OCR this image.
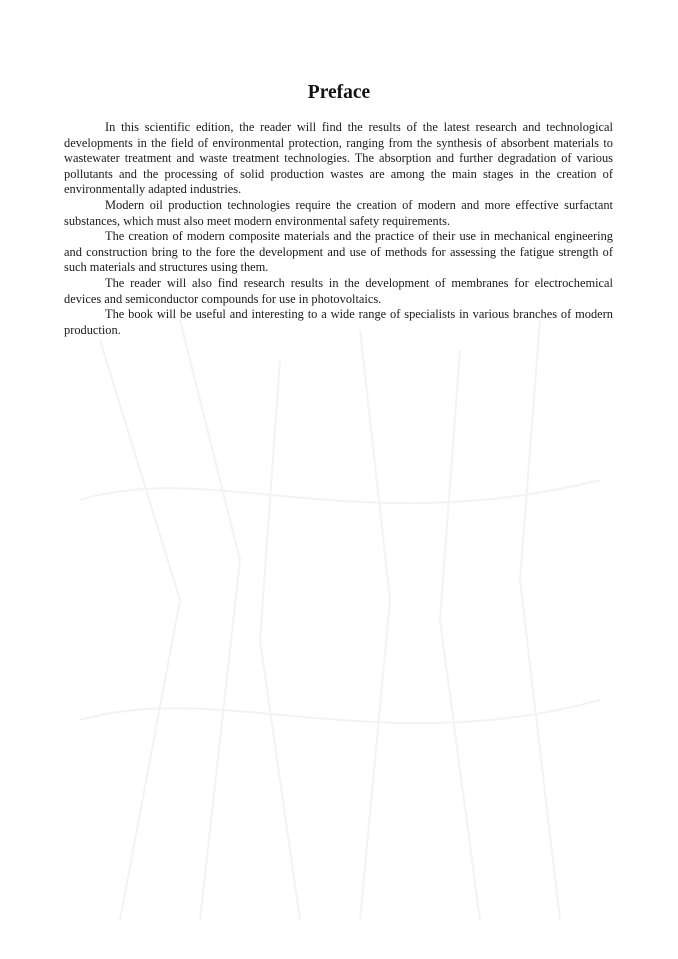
Preface

In this scientific edition, the reader will find the results of the latest research and technological developments in the field of environmental protection, ranging from the synthesis of absorbent materials to wastewater treatment and waste treatment technologies. The absorption and further degradation of various pollutants and the processing of solid production wastes are among the main stages in the creation of environmentally adapted industries.

Modern oil production technologies require the creation of modern and more effective surfactant substances, which must also meet modern environmental safety requirements.

The creation of modern composite materials and the practice of their use in mechanical engineering and construction bring to the fore the development and use of methods for assessing the fatigue strength of such materials and structures using them.

The reader will also find research results in the development of membranes for electrochemical devices and semiconductor compounds for use in photovoltaics.

The book will be useful and interesting to a wide range of specialists in various branches of modern production.
